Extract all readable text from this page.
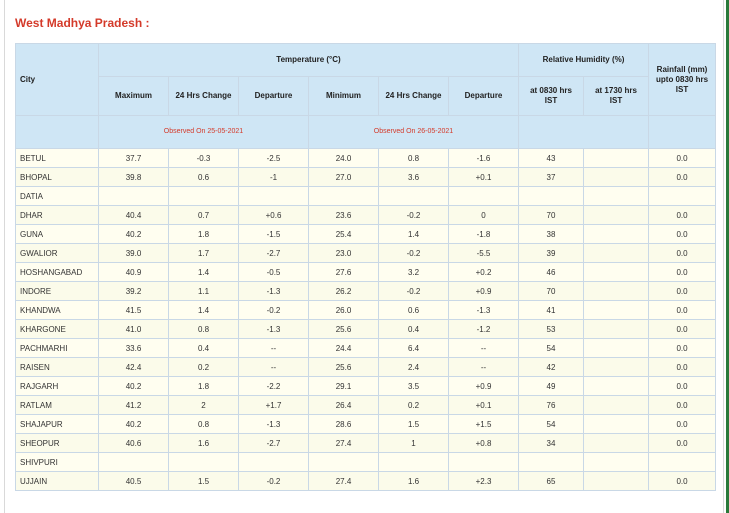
West Madhya Pradesh :
City	Temperature (°C)						Relative Humidity (%)		Rainfall (mm) upto 0830 hrs IST
	Maximum	24 Hrs Change	Departure	Minimum	24 Hrs Change	Departure	at 0830 hrs IST	at 1730 hrs IST	
	Observed On 25-05-2021			Observed On 26-05-2021					
BETUL	37.7	-0.3	-2.5	24.0	0.8	-1.6	43		0.0
BHOPAL	39.8	0.6	-1	27.0	3.6	+0.1	37		0.0
DATIA									
DHAR	40.4	0.7	+0.6	23.6	-0.2	0	70		0.0
GUNA	40.2	1.8	-1.5	25.4	1.4	-1.8	38		0.0
GWALIOR	39.0	1.7	-2.7	23.0	-0.2	-5.5	39		0.0
HOSHANGABAD	40.9	1.4	-0.5	27.6	3.2	+0.2	46		0.0
INDORE	39.2	1.1	-1.3	26.2	-0.2	+0.9	70		0.0
KHANDWA	41.5	1.4	-0.2	26.0	0.6	-1.3	41		0.0
KHARGONE	41.0	0.8	-1.3	25.6	0.4	-1.2	53		0.0
PACHMARHI	33.6	0.4	--	24.4	6.4	--	54		0.0
RAISEN	42.4	0.2	--	25.6	2.4	--	42		0.0
RAJGARH	40.2	1.8	-2.2	29.1	3.5	+0.9	49		0.0
RATLAM	41.2	2	+1.7	26.4	0.2	+0.1	76		0.0
SHAJAPUR	40.2	0.8	-1.3	28.6	1.5	+1.5	54		0.0
SHEOPUR	40.6	1.6	-2.7	27.4	1	+0.8	34		0.0
SHIVPURI									
UJJAIN	40.5	1.5	-0.2	27.4	1.6	+2.3	65		0.0
